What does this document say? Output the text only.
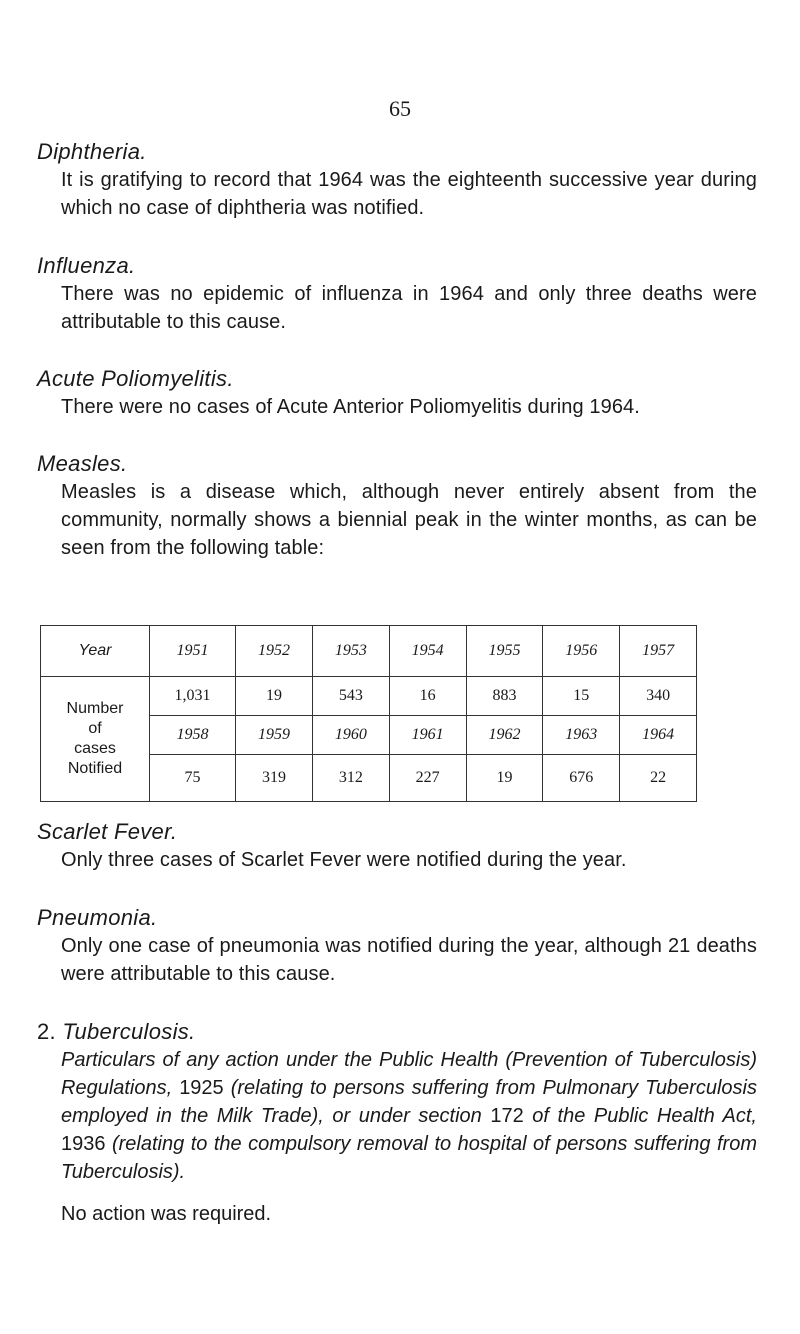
65
Diphtheria.
It is gratifying to record that 1964 was the eighteenth successive year during which no case of diphtheria was notified.
Influenza.
There was no epidemic of influenza in 1964 and only three deaths were attributable to this cause.
Acute Poliomyelitis.
There were no cases of Acute Anterior Poliomyelitis during 1964.
Measles.
Measles is a disease which, although never entirely absent from the community, normally shows a biennial peak in the winter months, as can be seen from the following table:
Year	1951	1952	1953	1954	1955	1956	1957

Number
of
cases
Notified	1,031	19	543	16	883	15	340
	1958	1959	1960	1961	1962	1963	1964
	75	319	312	227	19	676	22
Scarlet Fever.
Only three cases of Scarlet Fever were notified during the year.
Pneumonia.
Only one case of pneumonia was notified during the year, although 21 deaths were attributable to this cause.
2. Tuberculosis.
Particulars of any action under the Public Health (Prevention of Tuberculosis) Regulations, 1925 (relating to persons suffering from Pulmonary Tuberculosis employed in the Milk Trade), or under section 172 of the Public Health Act, 1936 (relating to the compulsory removal to hospital of persons suffering from Tuberculosis).
No action was required.
